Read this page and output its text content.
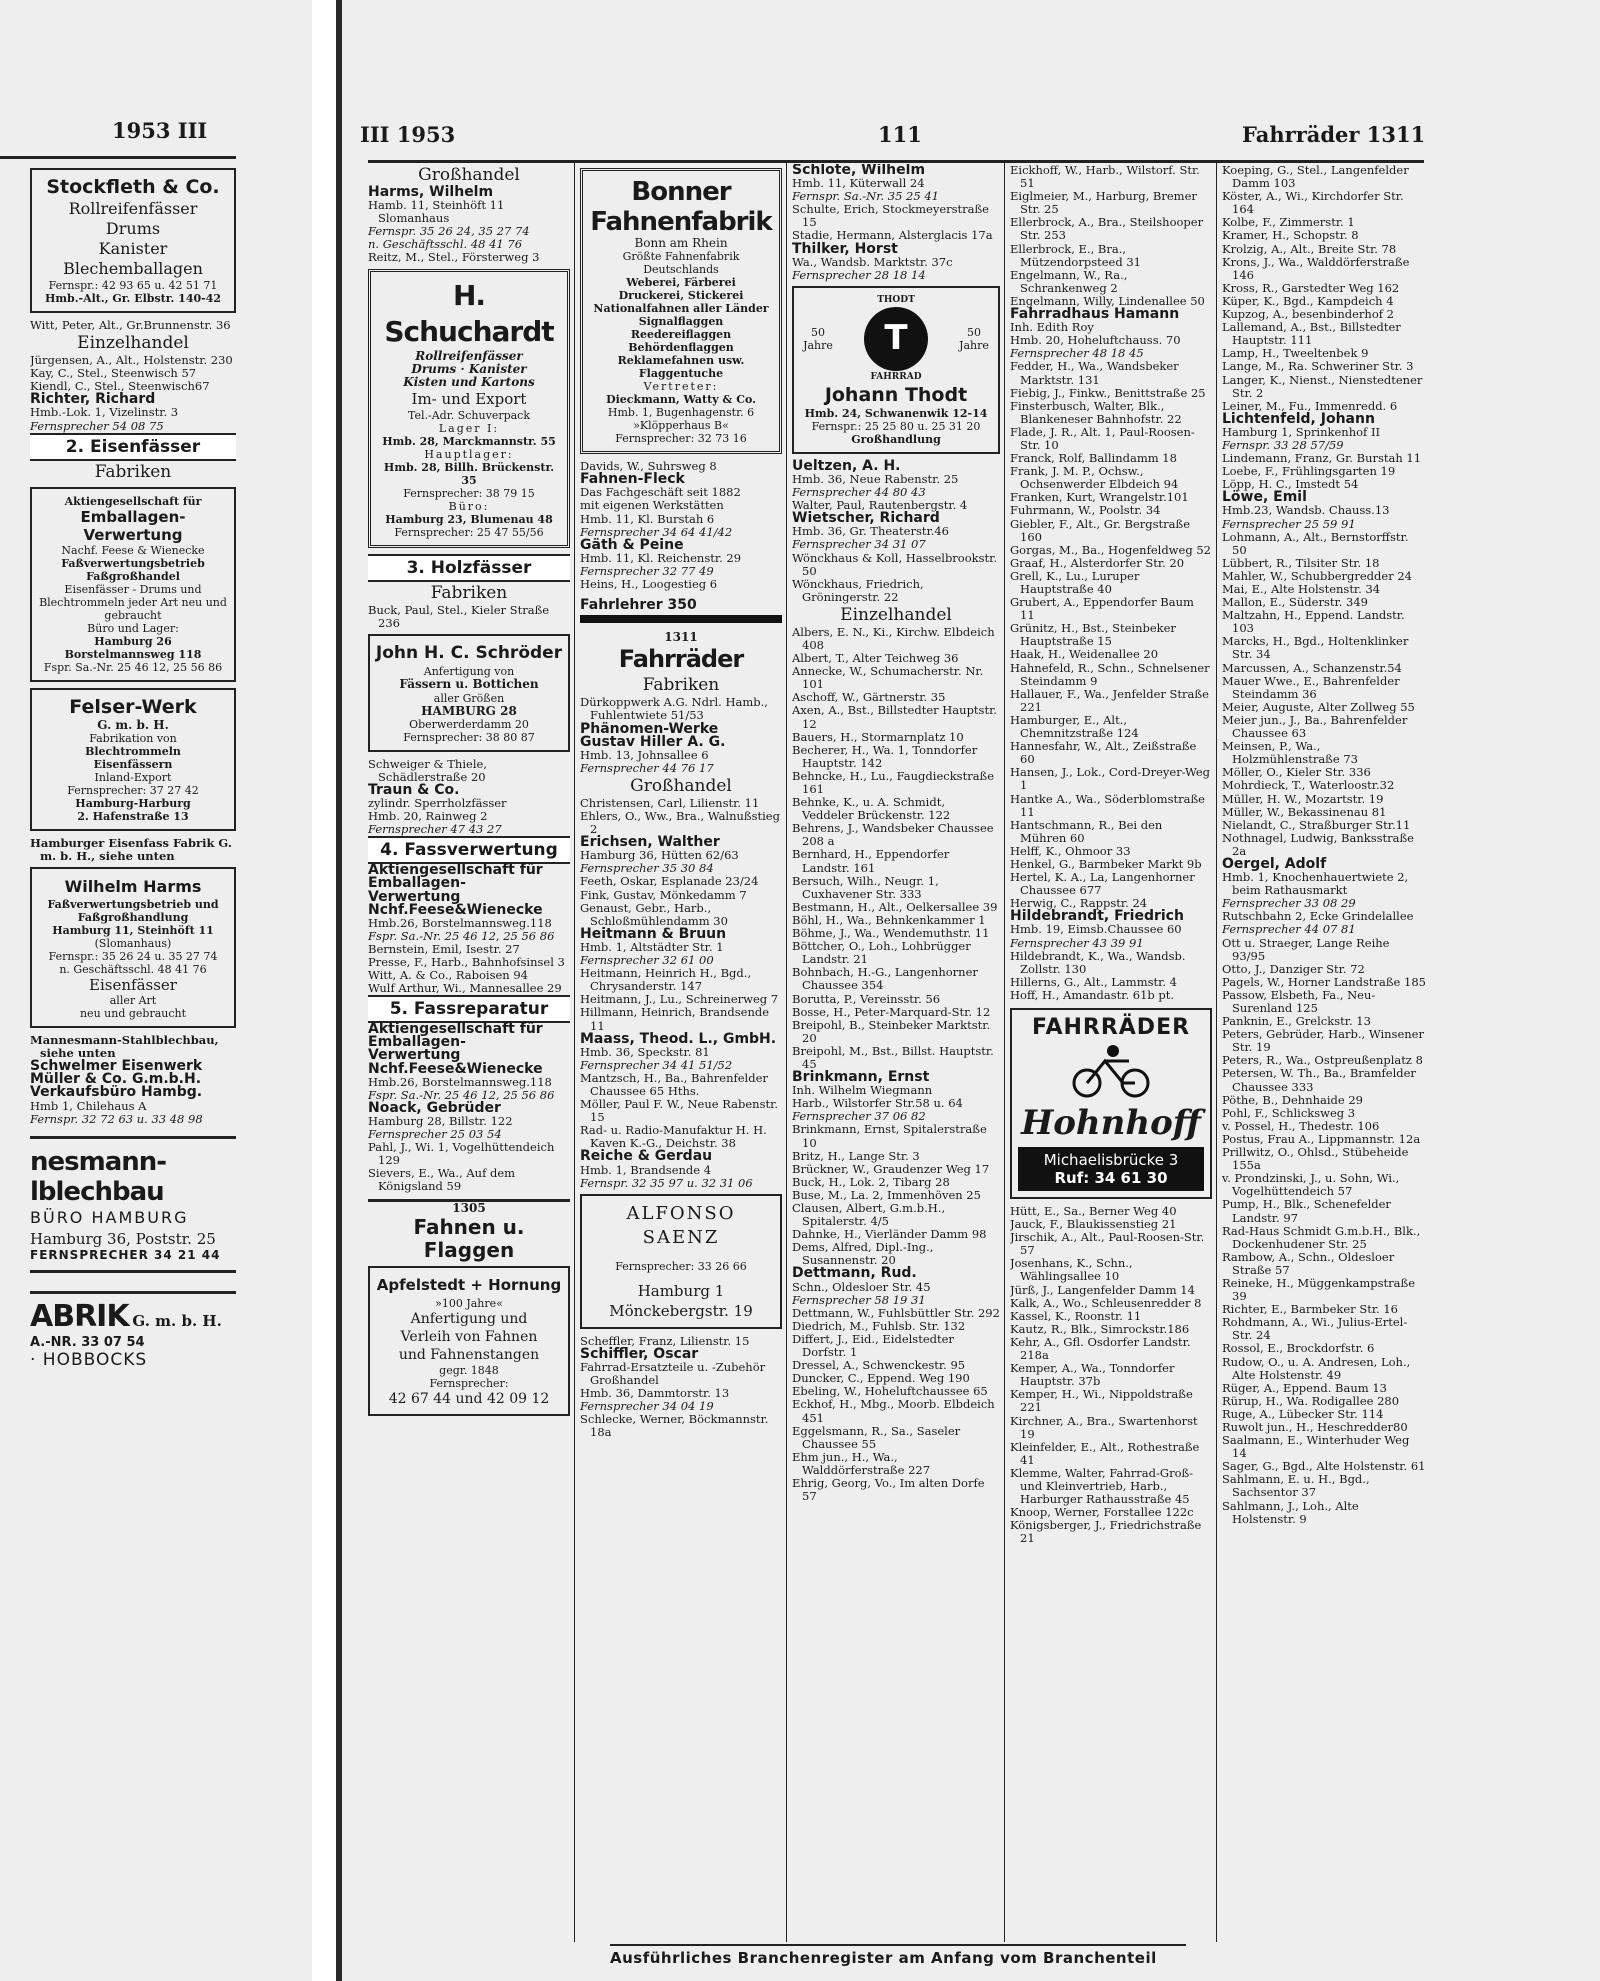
1953 III	III 1953	111	Fahrräder 1311

Stockfleth & Co.

Rollreifenfässer

Drums

Kanister

Blechemballagen

Fernspr.: 42 93 65 u. 42 51 71

Hmb.-Alt., Gr. Elbstr. 140-42

Witt, Peter, Alt., Gr.Brunnenstr. 36

Einzelhandel

Jürgensen, A., Alt., Holstenstr. 230

Kay, C., Stel., Steenwisch 57

Kiendl, C., Stel., Steenwisch67

Richter, Richard

Hmb.-Lok. 1, Vizelinstr. 3

Fernsprecher 54 08 75

2. Eisenfässer

Fabriken

Aktiengesellschaft für

Emballagen-Verwertung

Nachf. Feese & Wienecke

Faßverwertungsbetrieb

Faßgroßhandel

Eisenfässer - Drums und Blechtrommeln jeder Art neu und gebraucht

Büro und Lager:

Hamburg 26

Borstelmannsweg 118

Fspr. Sa.-Nr. 25 46 12, 25 56 86

Felser-Werk

G. m. b. H.

Fabrikation von

Blechtrommeln

Eisenfässern

Inland-Export

Fernsprecher: 37 27 42

Hamburg-Harburg

2. Hafenstraße 13

Hamburger Eisenfass Fabrik G. m. b. H., siehe unten

Wilhelm Harms

Faßverwertungsbetrieb und Faßgroßhandlung

Hamburg 11, Steinhöft 11

(Slomanhaus)

Fernspr.: 35 26 24 u. 35 27 74

n. Geschäftsschl. 48 41 76

Eisenfässer

aller Art

neu und gebraucht

Mannesmann-Stahlblechbau, siehe unten

Schwelmer Eisenwerk

Müller & Co. G.m.b.H.

Verkaufsbüro Hambg.

Hmb 1, Chilehaus A

Fernspr. 32 72 63 u. 33 48 98

nesmann-

lblechbau

BÜRO HAMBURG

Hamburg 36, Poststr. 25

FERNSPRECHER 34 21 44

ABRIK G. m. b. H.

A.-NR. 33 07 54

· HOBBOCKS

Großhandel

Harms, Wilhelm

Hamb. 11, Steinhöft 11 Slomanhaus

Fernspr. 35 26 24, 35 27 74

n. Geschäftsschl. 48 41 76

Reitz, M., Stel., Försterweg 3

H. Schuchardt

Rollreifenfässer

Drums · Kanister

Kisten und Kartons

Im- und Export

Tel.-Adr. Schuverpack

Lager I:

Hmb. 28, Marckmannstr. 55

Hauptlager:

Hmb. 28, Billh. Brückenstr. 35

Fernsprecher: 38 79 15

Büro:

Hamburg 23, Blumenau 48

Fernsprecher: 25 47 55/56

3. Holzfässer

Fabriken

Buck, Paul, Stel., Kieler Straße 236

John H. C. Schröder

Anfertigung von

Fässern u. Bottichen

aller Größen

HAMBURG 28

Oberwerderdamm 20

Fernsprecher: 38 80 87

Schweiger & Thiele, Schädlerstraße 20

Traun & Co.

zylindr. Sperrholzfässer

Hmb. 20, Rainweg 2

Fernsprecher 47 43 27

4. Fassverwertung

Aktiengesellschaft für

Emballagen-

Verwertung

Nchf.Feese&Wienecke

Hmb.26, Borstelmannsweg.118

Fspr. Sa.-Nr. 25 46 12, 25 56 86

Bernstein, Emil, Isestr. 27

Presse, F., Harb., Bahnhofsinsel 3

Witt, A. & Co., Raboisen 94

Wulf Arthur, Wi., Mannesallee 29

5. Fassreparatur

Aktiengesellschaft für

Emballagen-

Verwertung

Nchf.Feese&Wienecke

Hmb.26, Borstelmannsweg.118

Fspr. Sa.-Nr. 25 46 12, 25 56 86

Noack, Gebrüder

Hamburg 28, Billstr. 122

Fernsprecher 25 03 54

Pahl, J., Wi. 1, Vogelhüttendeich 129

Sievers, E., Wa., Auf dem Königsland 59

1305

Fahnen u. Flaggen

Apfelstedt + Hornung

»100 Jahre«

Anfertigung und

Verleih von Fahnen

und Fahnenstangen

gegr. 1848

Fernsprecher:

42 67 44 und 42 09 12

Bonner

Fahnenfabrik

Bonn am Rhein

Größte Fahnenfabrik Deutschlands

Weberei, Färberei

Druckerei, Stickerei

Nationalfahnen aller Länder

Signalflaggen

Reedereiflaggen

Behördenflaggen

Reklamefahnen usw.

Flaggentuche

Vertreter:

Dieckmann, Watty & Co.

Hmb. 1, Bugenhagenstr. 6

»Klöpperhaus B«

Fernsprecher: 32 73 16

Davids, W., Suhrsweg 8

Fahnen-Fleck

Das Fachgeschäft seit 1882

mit eigenen Werkstätten

Hmb. 11, Kl. Burstah 6

Fernsprecher 34 64 41/42

Gäth & Peine

Hmb. 11, Kl. Reichenstr. 29

Fernsprecher 32 77 49

Heins, H., Loogestieg 6

Fahrlehrer 350

1311

Fahrräder

Fabriken

Dürkoppwerk A.G. Ndrl. Hamb., Fuhlentwiete 51/53

Phänomen-Werke

Gustav Hiller A. G.

Hmb. 13, Johnsallee 6

Fernsprecher 44 76 17

Großhandel

Christensen, Carl, Lilienstr. 11

Ehlers, O., Ww., Bra., Walnußstieg 2

Erichsen, Walther

Hamburg 36, Hütten 62/63

Fernsprecher 35 30 84

Feeth, Oskar, Esplanade 23/24

Fink, Gustav, Mönkedamm 7

Genaust, Gebr., Harb., Schloßmühlendamm 30

Heitmann & Bruun

Hmb. 1, Altstädter Str. 1

Fernsprecher 32 61 00

Heitmann, Heinrich H., Bgd., Chrysanderstr. 147

Heitmann, J., Lu., Schreinerweg 7

Hillmann, Heinrich, Brandsende 11

Maass, Theod. L., GmbH.

Hmb. 36, Speckstr. 81

Fernsprecher 34 41 51/52

Mantzsch, H., Ba., Bahrenfelder Chaussee 65 Hths.

Möller, Paul F. W., Neue Rabenstr. 15

Rad- u. Radio-Manufaktur H. H. Kaven K.-G., Deichstr. 38

Reiche & Gerdau

Hmb. 1, Brandsende 4

Fernspr. 32 35 97 u. 32 31 06

ALFONSO

SAENZ

Fernsprecher: 33 26 66

Hamburg 1

Mönckebergstr. 19

Scheffler, Franz, Lilienstr. 15

Schiffler, Oscar

Fahrrad-Ersatzteile u. -Zubehör Großhandel

Hmb. 36, Dammtorstr. 13

Fernsprecher 34 04 19

Schlecke, Werner, Böckmannstr. 18a

Schlote, Wilhelm

Hmb. 11, Küterwall 24

Fernspr. Sa.-Nr. 35 25 41

Schulte, Erich, Stockmeyerstraße 15

Stadie, Hermann, Alsterglacis 17a

Thilker, Horst

Wa., Wandsb. Marktstr. 37c

Fernsprecher 28 18 14

50 Jahre
THODT
T
FAHRRAD
50 Jahre

Johann Thodt

Hmb. 24, Schwanenwik 12-14

Fernspr.: 25 25 80 u. 25 31 20

Großhandlung

Ueltzen, A. H.

Hmb. 36, Neue Rabenstr. 25

Fernsprecher 44 80 43

Walter, Paul, Rautenbergstr. 4

Wietscher, Richard

Hmb. 36, Gr. Theaterstr.46

Fernsprecher 34 31 07

Wönckhaus & Koll, Hasselbrookstr. 50

Wönckhaus, Friedrich, Gröningerstr. 22

Einzelhandel

Albers, E. N., Ki., Kirchw. Elbdeich 408

Albert, T., Alter Teichweg 36

Annecke, W., Schumacherstr. Nr. 101

Aschoff, W., Gärtnerstr. 35

Axen, A., Bst., Billstedter Hauptstr. 12

Bauers, H., Stormarnplatz 10

Becherer, H., Wa. 1, Tonndorfer Hauptstr. 142

Behncke, H., Lu., Faugdieckstraße 161

Behnke, K., u. A. Schmidt, Veddeler Brückenstr. 122

Behrens, J., Wandsbeker Chaussee 208 a

Bernhard, H., Eppendorfer Landstr. 161

Bersuch, Wilh., Neugr. 1, Cuxhavener Str. 333

Bestmann, H., Alt., Oelkersallee 39

Böhl, H., Wa., Behnkenkammer 1

Böhme, J., Wa., Wendemuthstr. 11

Böttcher, O., Loh., Lohbrügger Landstr. 21

Bohnbach, H.-G., Langenhorner Chaussee 354

Borutta, P., Vereinsstr. 56

Bosse, H., Peter-Marquard-Str. 12

Breipohl, B., Steinbeker Marktstr. 20

Breipohl, M., Bst., Billst. Hauptstr. 45

Brinkmann, Ernst

Inh. Wilhelm Wiegmann

Harb., Wilstorfer Str.58 u. 64

Fernsprecher 37 06 82

Brinkmann, Ernst, Spitalerstraße 10

Britz, H., Lange Str. 3

Brückner, W., Graudenzer Weg 17

Buck, H., Lok. 2, Tibarg 28

Buse, M., La. 2, Immenhöven 25

Clausen, Albert, G.m.b.H., Spitalerstr. 4/5

Dahnke, H., Vierländer Damm 98

Dems, Alfred, Dipl.-Ing., Susannenstr. 20

Dettmann, Rud.

Schn., Oldesloer Str. 45

Fernsprecher 58 19 31

Dettmann, W., Fuhlsbüttler Str. 292

Diedrich, M., Fuhlsb. Str. 132

Differt, J., Eid., Eidelstedter Dorfstr. 1

Dressel, A., Schwenckestr. 95

Duncker, C., Eppend. Weg 190

Ebeling, W., Hoheluftchaussee 65

Eckhof, H., Mbg., Moorb. Elbdeich 451

Eggelsmann, R., Sa., Saseler Chaussee 55

Ehm jun., H., Wa., Walddörferstraße 227

Ehrig, Georg, Vo., Im alten Dorfe 57

Eickhoff, W., Harb., Wilstorf. Str. 51

Eiglmeier, M., Harburg, Bremer Str. 25

Ellerbrock, A., Bra., Steilshooper Str. 253

Ellerbrock, E., Bra., Mützendorpsteed 31

Engelmann, W., Ra., Schrankenweg 2

Engelmann, Willy, Lindenallee 50

Fahrradhaus Hamann

Inh. Edith Roy

Hmb. 20, Hoheluftchauss. 70

Fernsprecher 48 18 45

Fedder, H., Wa., Wandsbeker Marktstr. 131

Fiebig, J., Finkw., Benittstraße 25

Finsterbusch, Walter, Blk., Blankeneser Bahnhofstr. 22

Flade, J. R., Alt. 1, Paul-Roosen-Str. 10

Franck, Rolf, Ballindamm 18

Frank, J. M. P., Ochsw., Ochsenwerder Elbdeich 94

Franken, Kurt, Wrangelstr.101

Fuhrmann, W., Poolstr. 34

Giebler, F., Alt., Gr. Bergstraße 160

Gorgas, M., Ba., Hogenfeldweg 52

Graaf, H., Alsterdorfer Str. 20

Grell, K., Lu., Luruper Hauptstraße 40

Grubert, A., Eppendorfer Baum 11

Grünitz, H., Bst., Steinbeker Hauptstraße 15

Haak, H., Weidenallee 20

Hahnefeld, R., Schn., Schnelsener Steindamm 9

Hallauer, F., Wa., Jenfelder Straße 221

Hamburger, E., Alt., Chemnitzstraße 124

Hannesfahr, W., Alt., Zeißstraße 60

Hansen, J., Lok., Cord-Dreyer-Weg 1

Hantke A., Wa., Söderblomstraße 11

Hantschmann, R., Bei den Mühren 60

Helff, K., Ohmoor 33

Henkel, G., Barmbeker Markt 9b

Hertel, K. A., La, Langenhorner Chaussee 677

Herwig, C., Rappstr. 24

Hildebrandt, Friedrich

Hmb. 19, Eimsb.Chaussee 60

Fernsprecher 43 39 91

Hildebrandt, K., Wa., Wandsb. Zollstr. 130

Hillerns, G., Alt., Lammstr. 4

Hoff, H., Amandastr. 61b pt.

FAHRRÄDER

Hohnhoff

Michaelisbrücke 3

Ruf: 34 61 30

Hütt, E., Sa., Berner Weg 40

Jauck, F., Blaukissenstieg 21

Jirschik, A., Alt., Paul-Roosen-Str. 57

Josenhans, K., Schn., Wählingsallee 10

Jürß, J., Langenfelder Damm 14

Kalk, A., Wo., Schleusenredder 8

Kassel, K., Roonstr. 11

Kautz, R., Blk., Simrockstr.186

Kehr, A., Gfl. Osdorfer Landstr. 218a

Kemper, A., Wa., Tonndorfer Hauptstr. 37b

Kemper, H., Wi., Nippoldstraße 221

Kirchner, A., Bra., Swartenhorst 19

Kleinfelder, E., Alt., Rothestraße 41

Klemme, Walter, Fahrrad-Groß- und Kleinvertrieb, Harb., Harburger Rathausstraße 45

Knoop, Werner, Forstallee 122c

Königsberger, J., Friedrichstraße 21

Koeping, G., Stel., Langenfelder Damm 103

Köster, A., Wi., Kirchdorfer Str. 164

Kolbe, F., Zimmerstr. 1

Kramer, H., Schopstr. 8

Krolzig, A., Alt., Breite Str. 78

Krons, J., Wa., Walddörferstraße 146

Kross, R., Garstedter Weg 162

Küper, K., Bgd., Kampdeich 4

Kupzog, A., besenbinderhof 2

Lallemand, A., Bst., Billstedter Hauptstr. 111

Lamp, H., Tweeltenbek 9

Lange, M., Ra. Schweriner Str. 3

Langer, K., Nienst., Nienstedtener Str. 2

Leiner, M., Fu., Immenredd. 6

Lichtenfeld, Johann

Hamburg 1, Sprinkenhof II

Fernspr. 33 28 57/59

Lindemann, Franz, Gr. Burstah 11

Loebe, F., Frühlingsgarten 19

Löpp, H. C., Imstedt 54

Löwe, Emil

Hmb.23, Wandsb. Chauss.13

Fernsprecher 25 59 91

Lohmann, A., Alt., Bernstorffstr. 50

Lübbert, R., Tilsiter Str. 18

Mahler, W., Schubbergredder 24

Mai, E., Alte Holstenstr. 34

Mallon, E., Süderstr. 349

Maltzahn, H., Eppend. Landstr. 103

Marcks, H., Bgd., Holtenklinker Str. 34

Marcussen, A., Schanzenstr.54

Mauer Wwe., E., Bahrenfelder Steindamm 36

Meier, Auguste, Alter Zollweg 55

Meier jun., J., Ba., Bahrenfelder Chaussee 63

Meinsen, P., Wa., Holzmühlenstraße 73

Möller, O., Kieler Str. 336

Mohrdieck, T., Waterloostr.32

Müller, H. W., Mozartstr. 19

Müller, W., Bekassinenau 81

Nielandt, C., Straßburger Str.11

Nothnagel, Ludwig, Banksstraße 2a

Oergel, Adolf

Hmb. 1, Knochenhauertwiete 2, beim Rathausmarkt

Fernsprecher 33 08 29

Rutschbahn 2, Ecke Grindelallee

Fernsprecher 44 07 81

Ott u. Straeger, Lange Reihe 93/95

Otto, J., Danziger Str. 72

Pagels, W., Horner Landstraße 185

Passow, Elsbeth, Fa., Neu-Surenland 125

Panknin, E., Grelckstr. 13

Peters, Gebrüder, Harb., Winsener Str. 19

Peters, R., Wa., Ostpreußenplatz 8

Petersen, W. Th., Ba., Bramfelder Chaussee 333

Pöthe, B., Dehnhaide 29

Pohl, F., Schlicksweg 3

v. Possel, H., Thedestr. 106

Postus, Frau A., Lippmannstr. 12a

Prillwitz, O., Ohlsd., Stübeheide 155a

v. Prondzinski, J., u. Sohn, Wi., Vogelhüttendeich 57

Pump, H., Blk., Schenefelder Landstr. 97

Rad-Haus Schmidt G.m.b.H., Blk., Dockenhudener Str. 25

Rambow, A., Schn., Oldesloer Straße 57

Reineke, H., Müggenkampstraße 39

Richter, E., Barmbeker Str. 16

Rohdmann, A., Wi., Julius-Ertel-Str. 24

Rossol, E., Brockdorfstr. 6

Rudow, O., u. A. Andresen, Loh., Alte Holstenstr. 49

Rüger, A., Eppend. Baum 13

Rürup, H., Wa. Rodigallee 280

Ruge, A., Lübecker Str. 114

Ruwolt jun., H., Heschredder80

Saalmann, E., Winterhuder Weg 14

Sager, G., Bgd., Alte Holstenstr. 61

Sahlmann, E. u. H., Bgd., Sachsentor 37

Sahlmann, J., Loh., Alte Holstenstr. 9

Ausführliches Branchenregister am Anfang vom Branchenteil
